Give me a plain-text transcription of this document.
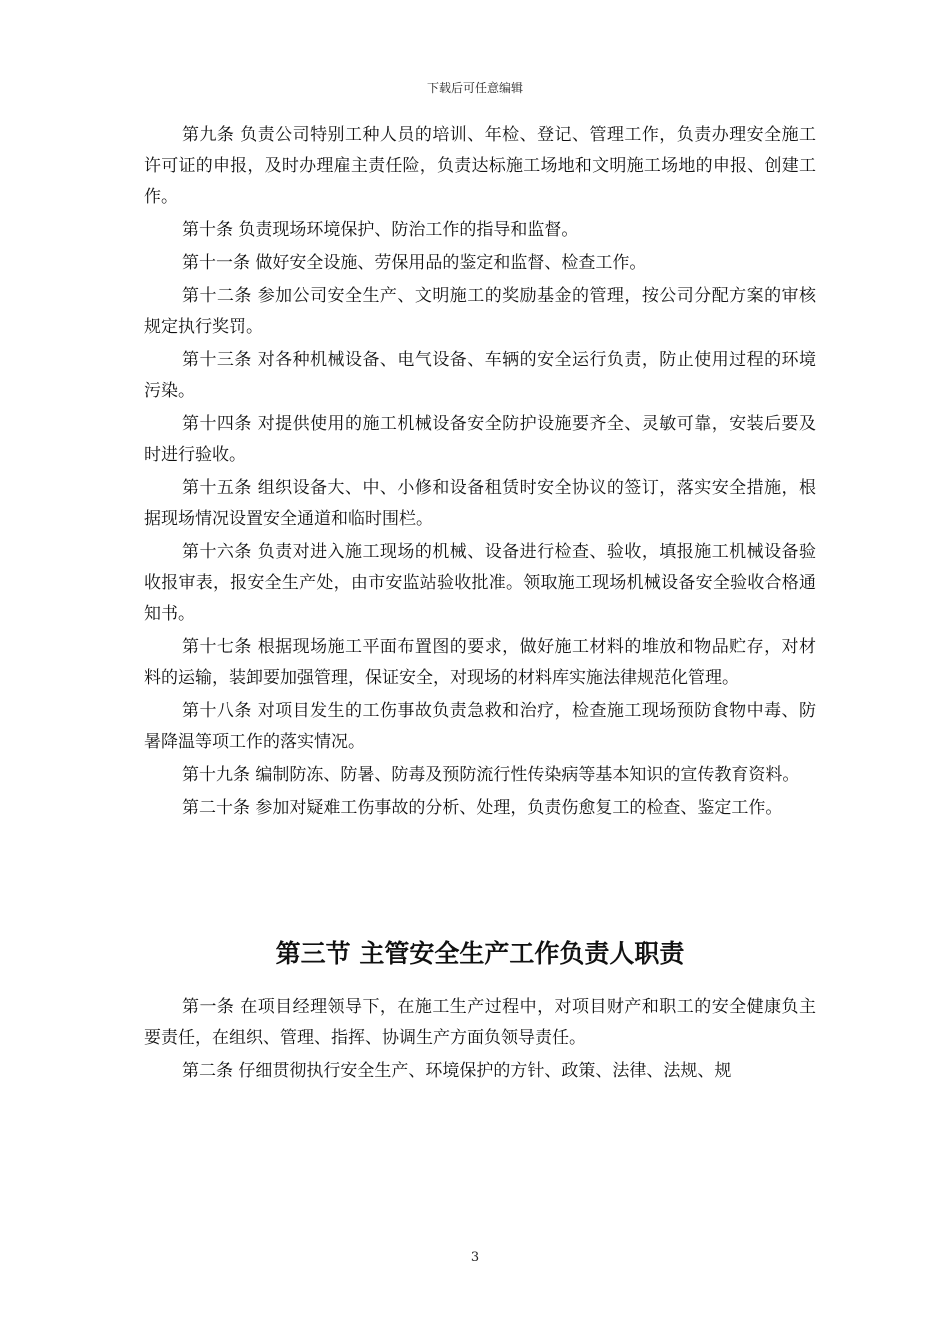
下载后可任意编辑

第九条 负责公司特别工种人员的培训、年检、登记、管理工作，负责办理安全施工许可证的申报，及时办理雇主责任险，负责达标施工场地和文明施工场地的申报、创建工作。

第十条 负责现场环境保护、防治工作的指导和监督。

第十一条 做好安全设施、劳保用品的鉴定和监督、检查工作。

第十二条 参加公司安全生产、文明施工的奖励基金的管理，按公司分配方案的审核规定执行奖罚。

第十三条 对各种机械设备、电气设备、车辆的安全运行负责，防止使用过程的环境污染。

第十四条 对提供使用的施工机械设备安全防护设施要齐全、灵敏可靠，安装后要及时进行验收。

第十五条 组织设备大、中、小修和设备租赁时安全协议的签订，落实安全措施，根据现场情况设置安全通道和临时围栏。

第十六条 负责对进入施工现场的机械、设备进行检查、验收，填报施工机械设备验收报审表，报安全生产处，由市安监站验收批准。领取施工现场机械设备安全验收合格通知书。

第十七条 根据现场施工平面布置图的要求，做好施工材料的堆放和物品贮存，对材料的运输，装卸要加强管理，保证安全，对现场的材料库实施法律规范化管理。

第十八条 对项目发生的工伤事故负责急救和治疗，检查施工现场预防食物中毒、防暑降温等项工作的落实情况。

第十九条 编制防冻、防暑、防毒及预防流行性传染病等基本知识的宣传教育资料。

第二十条 参加对疑难工伤事故的分析、处理，负责伤愈复工的检查、鉴定工作。

第三节 主管安全生产工作负责人职责

第一条 在项目经理领导下，在施工生产过程中，对项目财产和职工的安全健康负主要责任，在组织、管理、指挥、协调生产方面负领导责任。

第二条 仔细贯彻执行安全生产、环境保护的方针、政策、法律、法规、规

3
